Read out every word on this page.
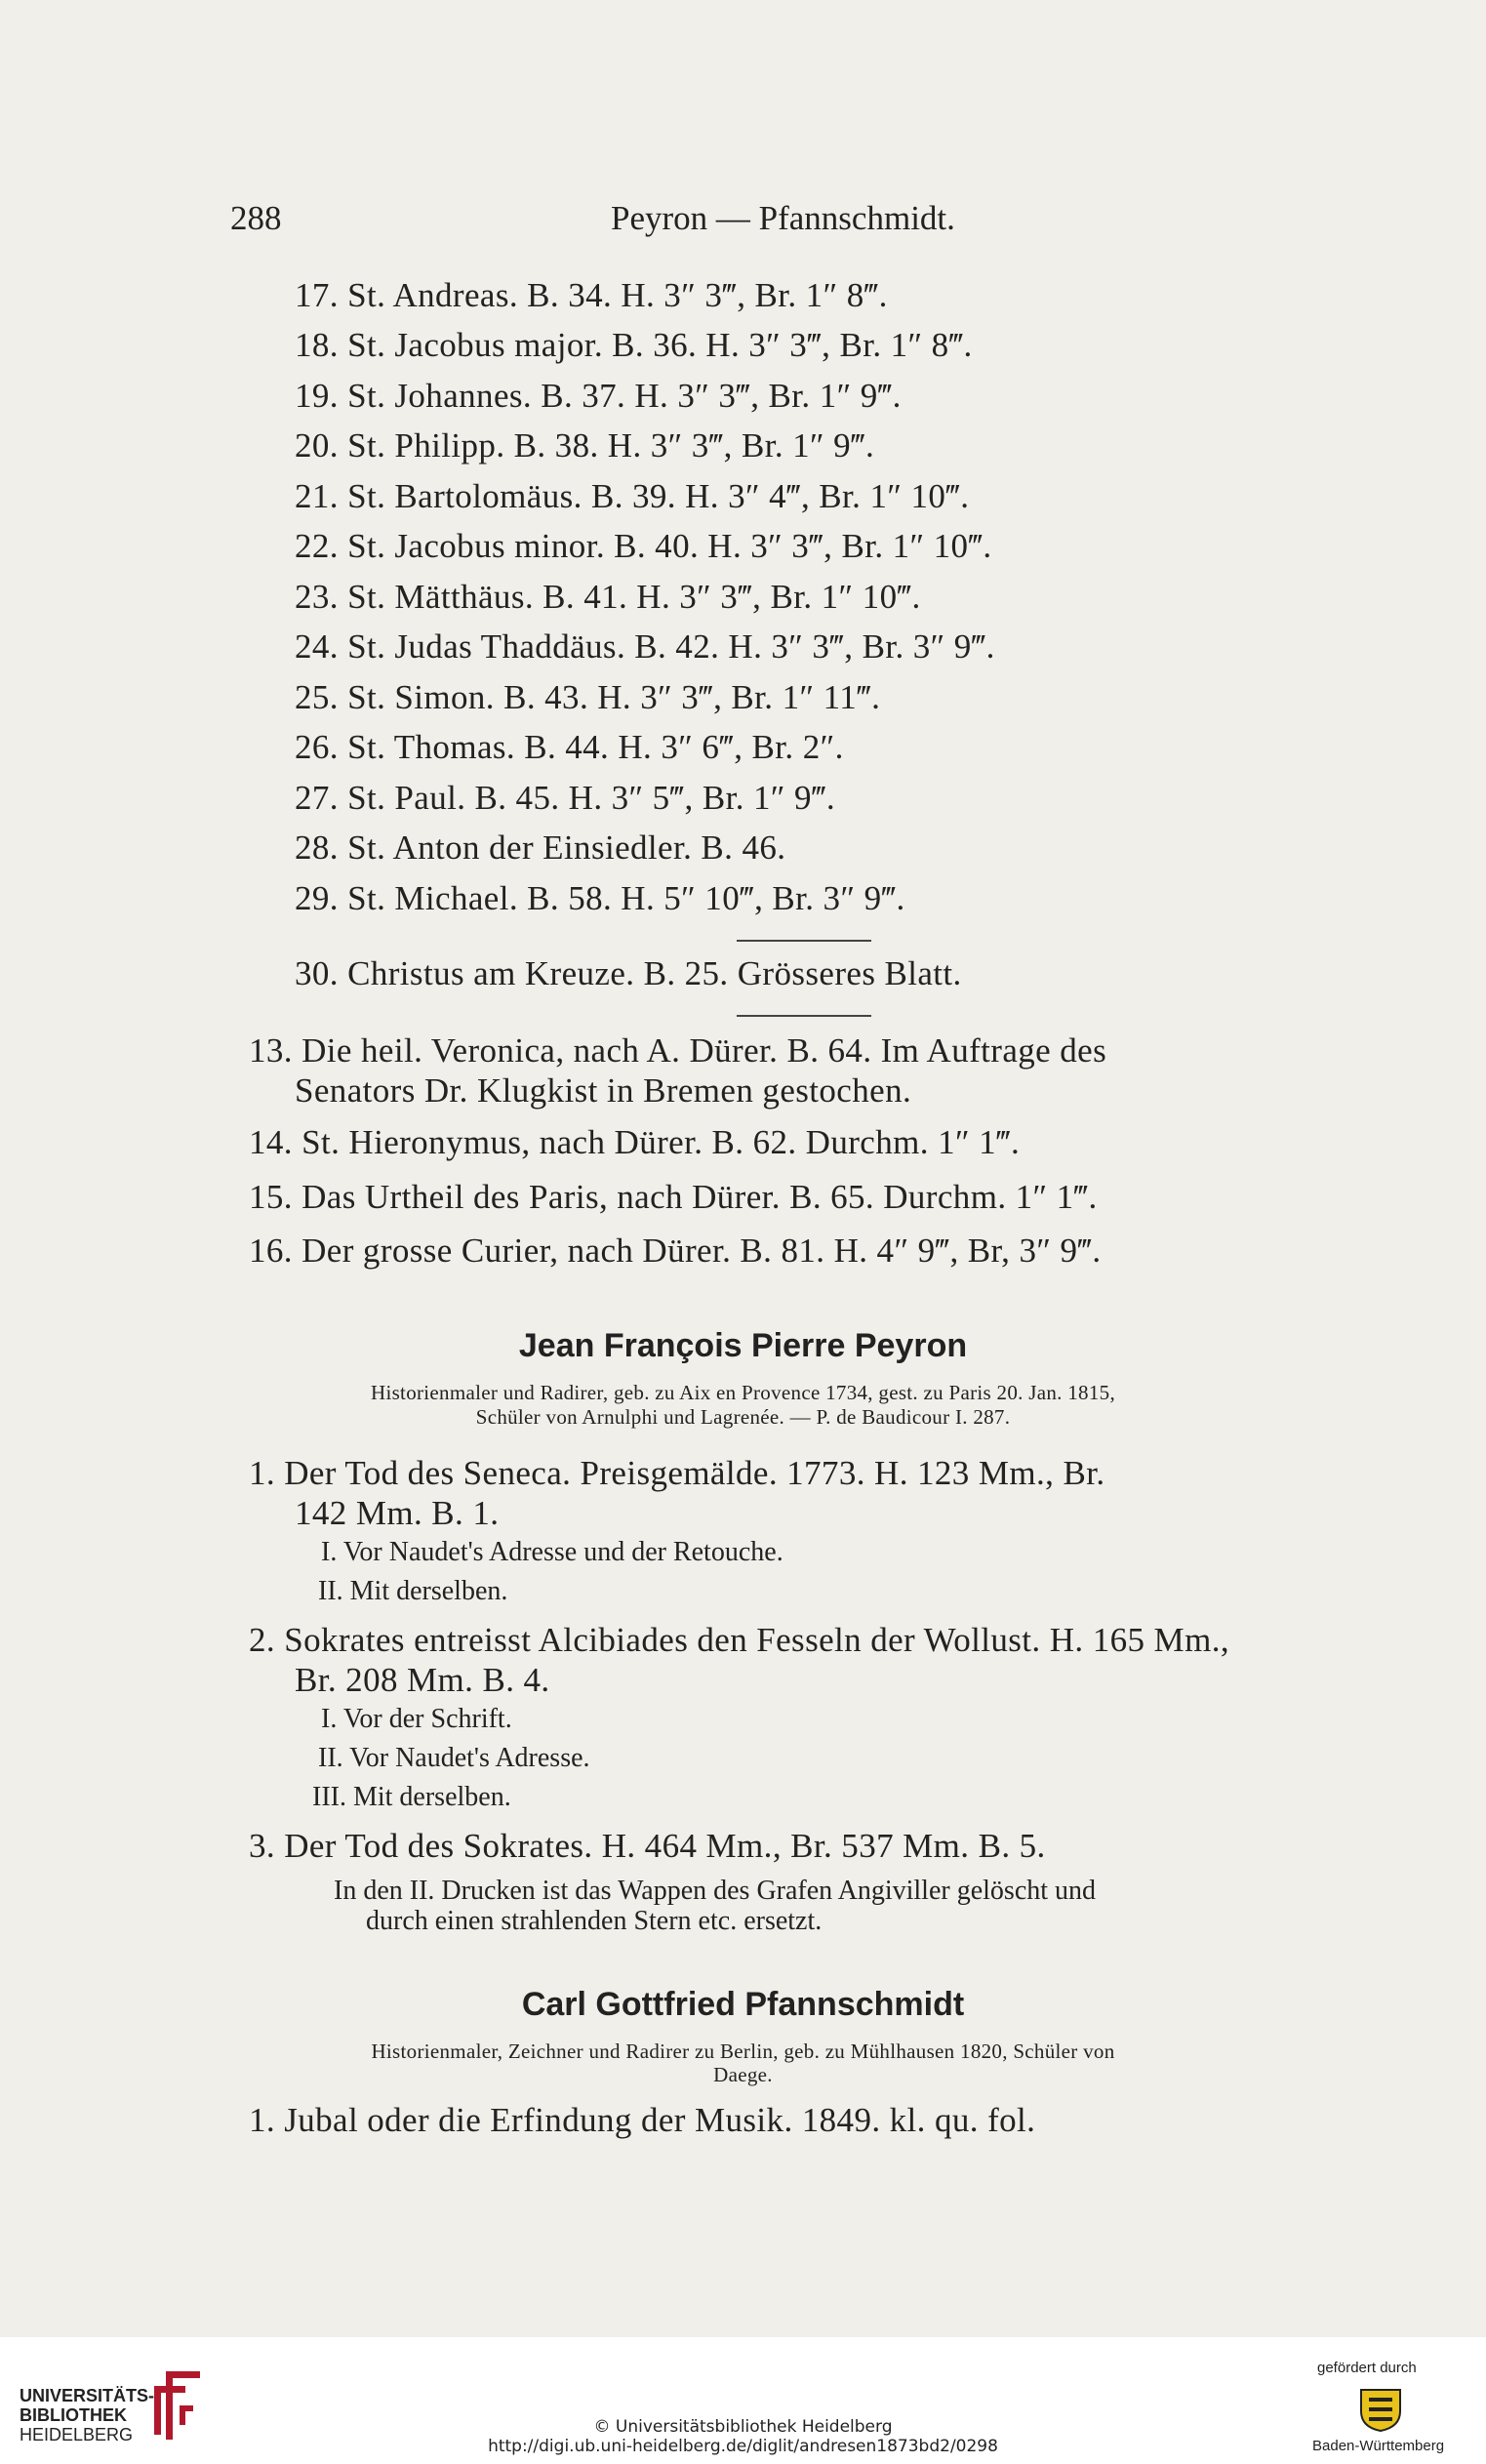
288	Peyron — Pfannschmidt.
17. St. Andreas. B. 34. H. 3″ 3‴, Br. 1″ 8‴.
18. St. Jacobus major. B. 36. H. 3″ 3‴, Br. 1″ 8‴.
19. St. Johannes. B. 37. H. 3″ 3‴, Br. 1″ 9‴.
20. St. Philipp. B. 38. H. 3″ 3‴, Br. 1″ 9‴.
21. St. Bartolomäus. B. 39. H. 3″ 4‴, Br. 1″ 10‴.
22. St. Jacobus minor. B. 40. H. 3″ 3‴, Br. 1″ 10‴.
23. St. Mätthäus. B. 41. H. 3″ 3‴, Br. 1″ 10‴.
24. St. Judas Thaddäus. B. 42. H. 3″ 3‴, Br. 3″ 9‴.
25. St. Simon. B. 43. H. 3″ 3‴, Br. 1″ 11‴.
26. St. Thomas. B. 44. H. 3″ 6‴, Br. 2″.
27. St. Paul. B. 45. H. 3″ 5‴, Br. 1″ 9‴.
28. St. Anton der Einsiedler. B. 46.
29. St. Michael. B. 58. H. 5″ 10‴, Br. 3″ 9‴.
30. Christus am Kreuze. B. 25. Grösseres Blatt.
13. Die heil. Veronica, nach A. Dürer. B. 64. Im Auftrage des
Senators Dr. Klugkist in Bremen gestochen.
14. St. Hieronymus, nach Dürer. B. 62. Durchm. 1″ 1‴.
15. Das Urtheil des Paris, nach Dürer. B. 65. Durchm. 1″ 1‴.
16. Der grosse Curier, nach Dürer. B. 81. H. 4″ 9‴, Br, 3″ 9‴.
Jean François Pierre Peyron
Historienmaler und Radirer, geb. zu Aix en Provence 1734, gest. zu Paris 20. Jan. 1815,
Schüler von Arnulphi und Lagrenée. — P. de Baudicour I. 287.
1. Der Tod des Seneca. Preisgemälde. 1773. H. 123 Mm., Br.
142 Mm. B. 1.
I. Vor Naudet's Adresse und der Retouche.
II. Mit derselben.
2. Sokrates entreisst Alcibiades den Fesseln der Wollust. H. 165 Mm.,
Br. 208 Mm. B. 4.
I. Vor der Schrift.
II. Vor Naudet's Adresse.
III. Mit derselben.
3. Der Tod des Sokrates. H. 464 Mm., Br. 537 Mm. B. 5.
In den II. Drucken ist das Wappen des Grafen Angiviller gelöscht und
durch einen strahlenden Stern etc. ersetzt.
Carl Gottfried Pfannschmidt
Historienmaler, Zeichner und Radirer zu Berlin, geb. zu Mühlhausen 1820, Schüler von
Daege.
1. Jubal oder die Erfindung der Musik. 1849. kl. qu. fol.
UNIVERSITÄTS-
BIBLIOTHEK
HEIDELBERG	© Universitätsbibliothek Heidelberg
http://digi.ub.uni-heidelberg.de/diglit/andresen1873bd2/0298
gefördert durch
Baden-Württemberg
